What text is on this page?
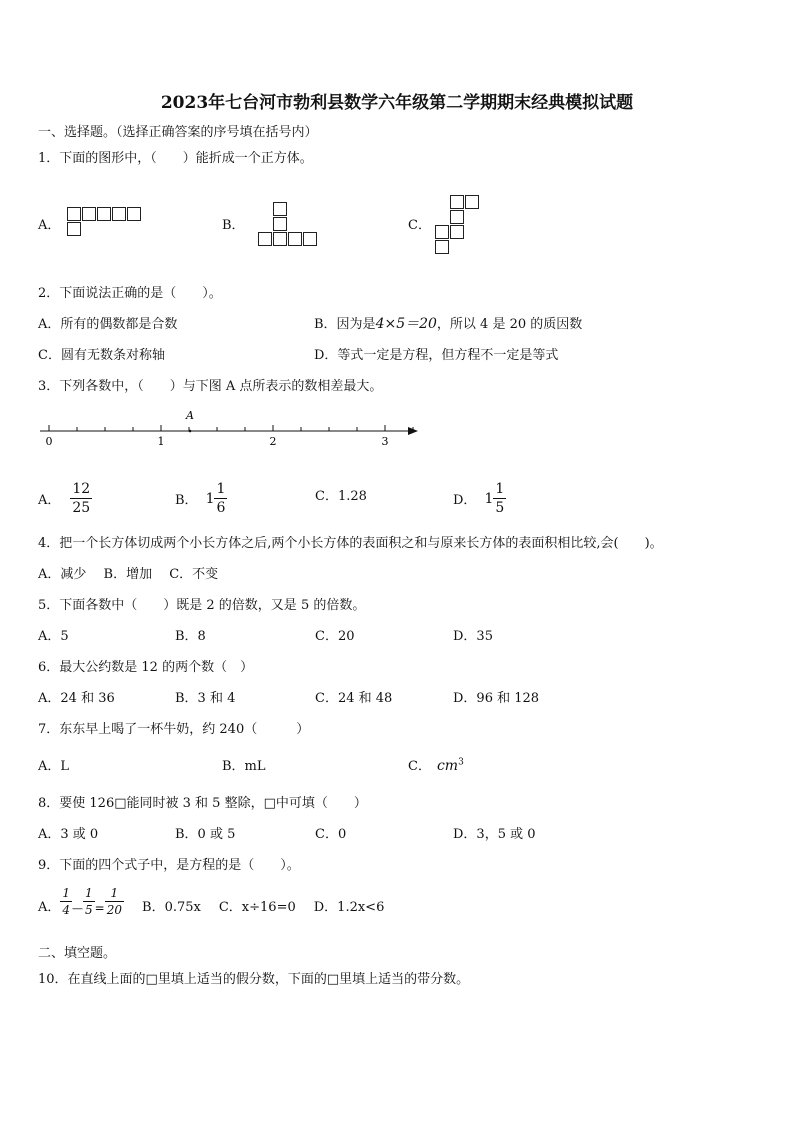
2023年七台河市勃利县数学六年级第二学期期末经典模拟试题
一、选择题。（选择正确答案的序号填在括号内）
1．下面的图形中，（　　）能折成一个正方体。
A．	B．	C．
2．下面说法正确的是（　　）。
A．所有的偶数都是合数	B．因为是4×5＝20，所以 4 是 20 的质因数
C．圆有无数条对称轴	D．等式一定是方程，但方程不一定是等式
3．下列各数中，（　　）与下图 A 点所表示的数相差最大。
0	1	2	3
A
A． $\frac{12}{25}$	B． $1 \frac{1}{6}$	C．1.28	D． $1 \frac{1}{5}$
4．把一个长方体切成两个小长方体之后,两个小长方体的表面积之和与原来长方体的表面积相比较,会(　　)。
A．减少　 B．增加　 C．不变
5．下面各数中（　　）既是 2 的倍数，又是 5 的倍数。
A．5	B．8	C．20	D．35
6．最大公约数是 12 的两个数（　）
A．24 和 36	B．3 和 4	C．24 和 48	D．96 和 128
7．东东早上喝了一杯牛奶，约 240（　　　）
A．L	B．mL	C． $cm^3$
8．要使 126□能同时被 3 和 5 整除，□中可填（　　）
A．3 或 0	B．0 或 5	C．0	D．3，5 或 0
9．下面的四个式子中，是方程的是（　　）。
A． $\frac{1}{4}$ — $\frac{1}{5} = \frac{1}{20}$ B．0.75x C．x÷16=0 D．1.2x<6
二、填空题。
10．在直线上面的□里填上适当的假分数，下面的□里填上适当的带分数。
